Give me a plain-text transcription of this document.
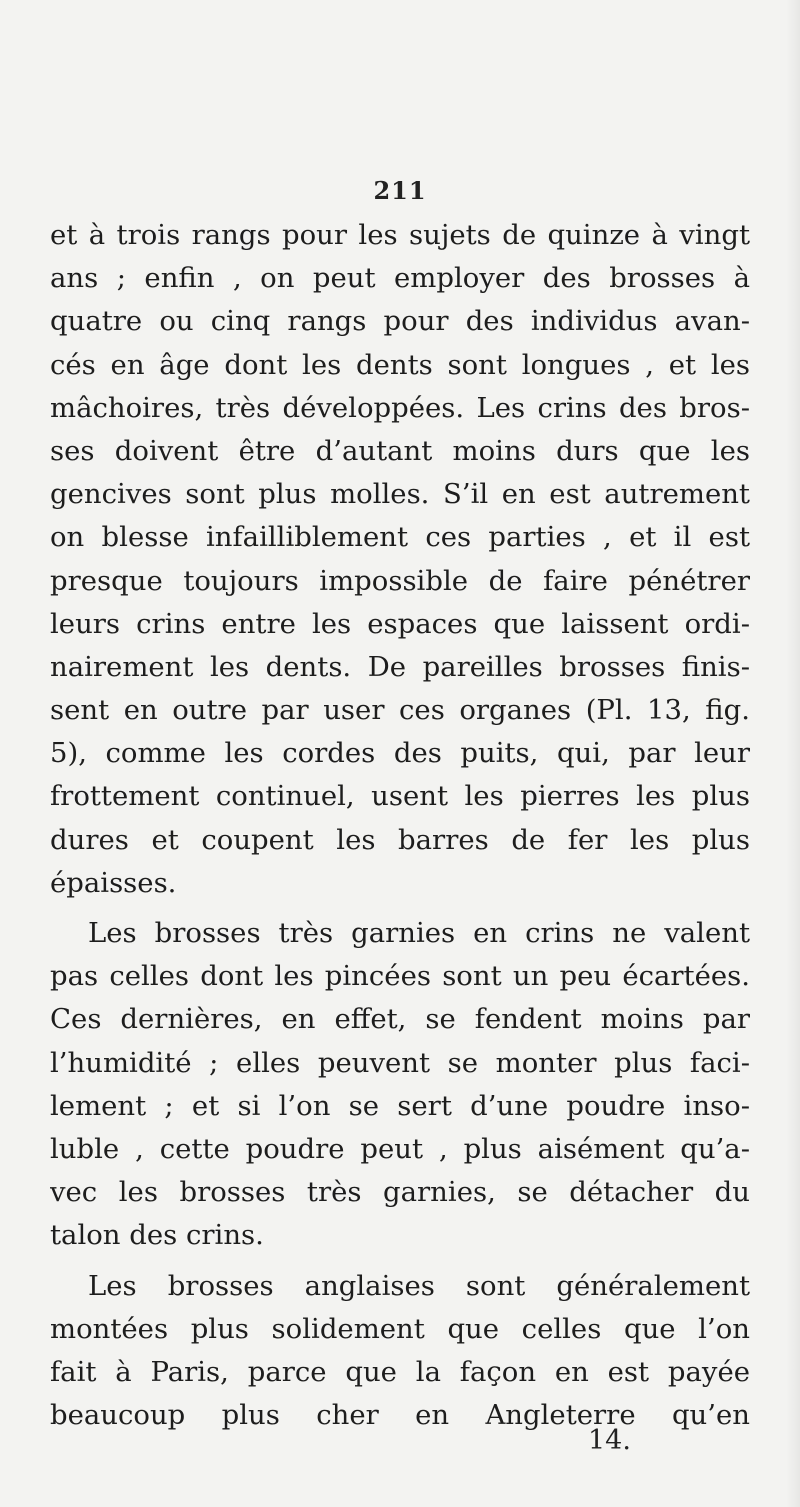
211
et à trois rangs pour les sujets de quinze à vingt
ans ; enfin , on peut employer des brosses à
quatre ou cinq rangs pour des individus avan-
cés en âge dont les dents sont longues , et les
mâchoires, très développées. Les crins des bros-
ses doivent être d’autant moins durs que les
gencives sont plus molles. S’il en est autrement
on blesse infailliblement ces parties , et il est
presque toujours impossible de faire pénétrer
leurs crins entre les espaces que laissent ordi-
nairement les dents. De pareilles brosses finis-
sent en outre par user ces organes (Pl. 13, fig.
5), comme les cordes des puits, qui, par leur
frottement continuel, usent les pierres les plus
dures et coupent les barres de fer les plus
épaisses.
Les brosses très garnies en crins ne valent
pas celles dont les pincées sont un peu écartées.
Ces dernières, en effet, se fendent moins par
l’humidité ; elles peuvent se monter plus faci-
lement ; et si l’on se sert d’une poudre inso-
luble , cette poudre peut , plus aisément qu’a-
vec les brosses très garnies, se détacher du
talon des crins.
Les brosses anglaises sont généralement
montées plus solidement que celles que l’on
fait à Paris, parce que la façon en est payée
beaucoup plus cher en Angleterre qu’en
14.
